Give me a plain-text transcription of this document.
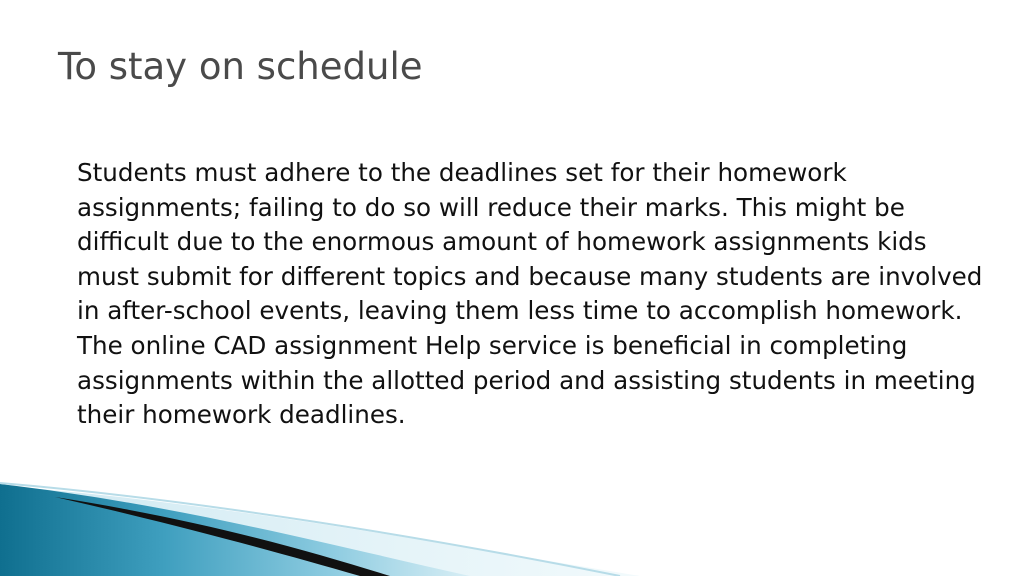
To stay on schedule

Students must adhere to the deadlines set for their homework assignments; failing to do so will reduce their marks. This might be difficult due to the enormous amount of homework assignments kids must submit for different topics and because many students are involved in after-school events, leaving them less time to accomplish homework. The online CAD assignment Help service is beneficial in completing assignments within the allotted period and assisting students in meeting their homework deadlines.
